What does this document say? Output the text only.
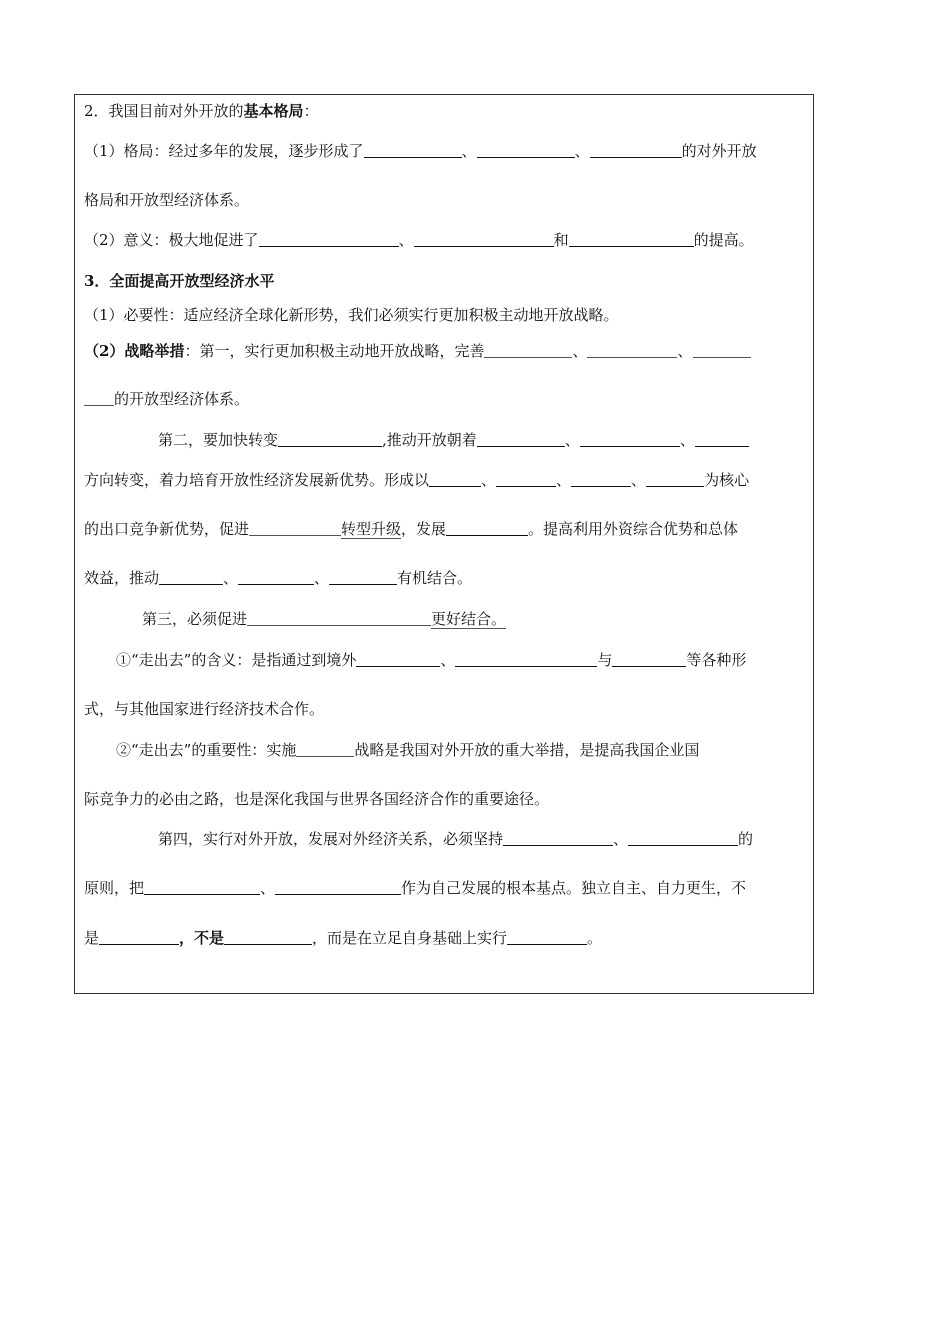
2．我国目前对外开放的基本格局：
（1）格局：经过多年的发展，逐步形成了	、	、	的对外开放
格局和开放型经济体系。
（2）意义：极大地促进了	、	和	的提高。
3．全面提高开放型经济水平
（1）必要性：适应经济全球化新形势，我们必须实行更加积极主动地开放战略。
（2）战略举措：第一，实行更加积极主动地开放战略，完善	、	、
的开放型经济体系。
第二，要加快转变	,推动开放朝着	、	、
方向转变，着力培育开放性经济发展新优势。形成以	、	、	、	为核心
的出口竞争新优势，促进	转型升级，发展	。提高利用外资综合优势和总体
效益，推动	、	、	有机结合。
第三，必须促进	更好结合。
①“走出去”的含义：是指通过到境外	、	与	等各种形
式，与其他国家进行经济技术合作。
②“走出去”的重要性：实施	战略是我国对外开放的重大举措，是提高我国企业国
际竞争力的必由之路，也是深化我国与世界各国经济合作的重要途径。
第四，实行对外开放，发展对外经济关系，必须坚持	、	的
原则，把	、	作为自己发展的根本基点。独立自主、自力更生，不
是	，不是	，而是在立足自身基础上实行	。
